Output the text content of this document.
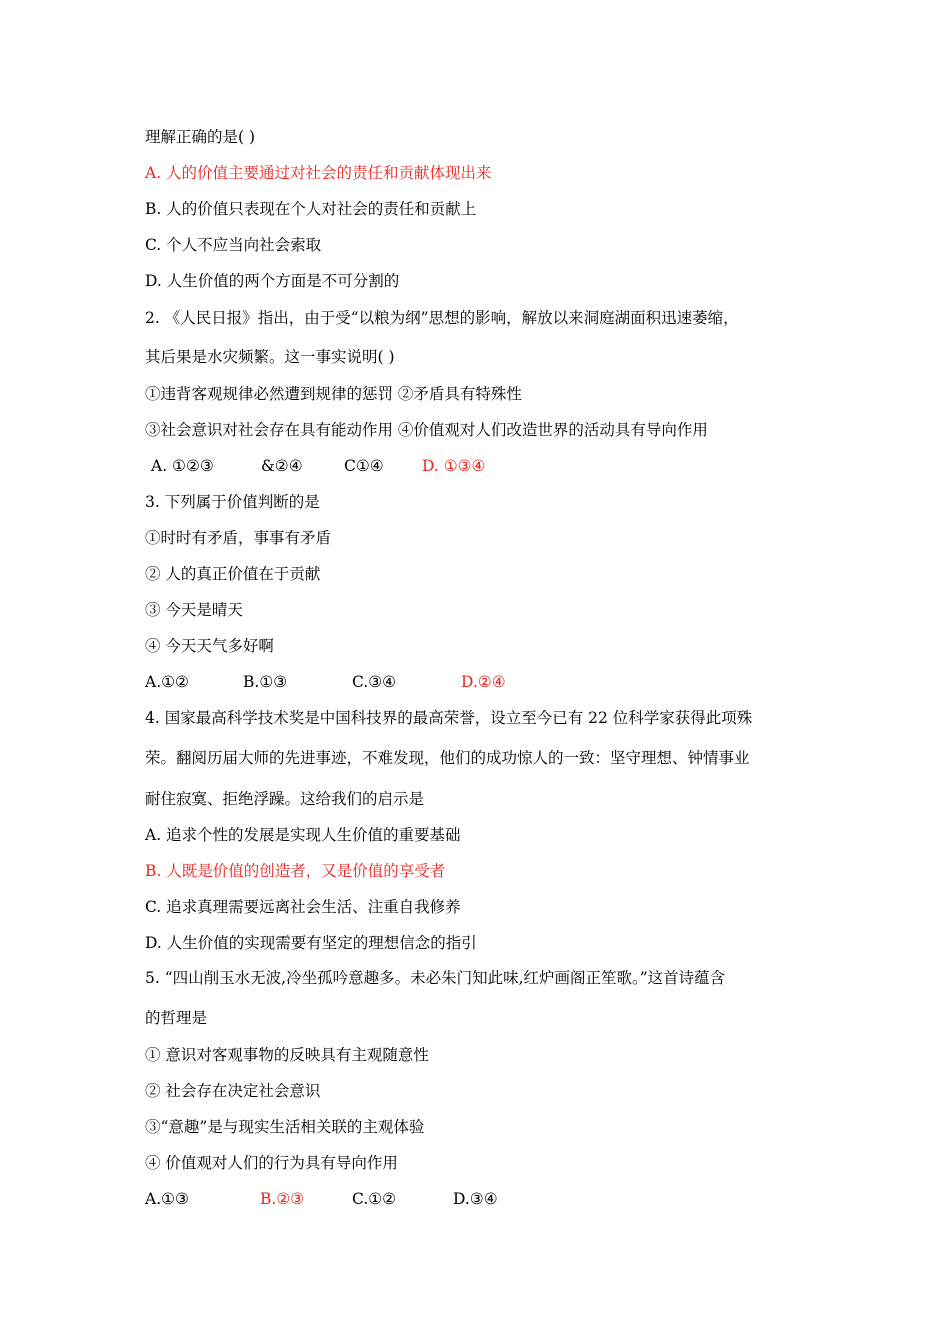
理解正确的是( )
A. 人的价值主要通过对社会的责任和贡献体现出来
B. 人的价值只表现在个人对社会的责任和贡献上
C. 个人不应当向社会索取
D. 人生价值的两个方面是不可分割的
2. 《人民日报》指出，由于受“以粮为纲”思想的影响，解放以来洞庭湖面积迅速萎缩，
其后果是水灾频繁。这一事实说明( )
①违背客观规律必然遭到规律的惩罚 ②矛盾具有特殊性
③社会意识对社会存在具有能动作用 ④价值观对人们改造世界的活动具有导向作用
A. ①②③	&②④	C①④ D. ①③④
3. 下列属于价值判断的是
①时时有矛盾，事事有矛盾
② 人的真正价值在于贡献
③ 今天是晴天
④ 今天天气多好啊
A.①②	B.①③	C.③④	D.②④
4. 国家最高科学技术奖是中国科技界的最高荣誉，设立至今已有 22 位科学家获得此项殊
荣。翻阅历届大师的先进事迹，不难发现，他们的成功惊人的一致：坚守理想、钟情事业
耐住寂寞、拒绝浮躁。这给我们的启示是
A. 追求个性的发展是实现人生价值的重要基础
B. 人既是价值的创造者，又是价值的享受者
C. 追求真理需要远离社会生活、注重自我修养
D. 人生价值的实现需要有坚定的理想信念的指引
5. “四山削玉水无波,冷坐孤吟意趣多。未必朱门知此味,红炉画阁正笙歌。”这首诗蕴含
的哲理是
① 意识对客观事物的反映具有主观随意性
② 社会存在决定社会意识
③“意趣”是与现实生活相关联的主观体验
④ 价值观对人们的行为具有导向作用
A.①③	B.②③	C.①②	D.③④
